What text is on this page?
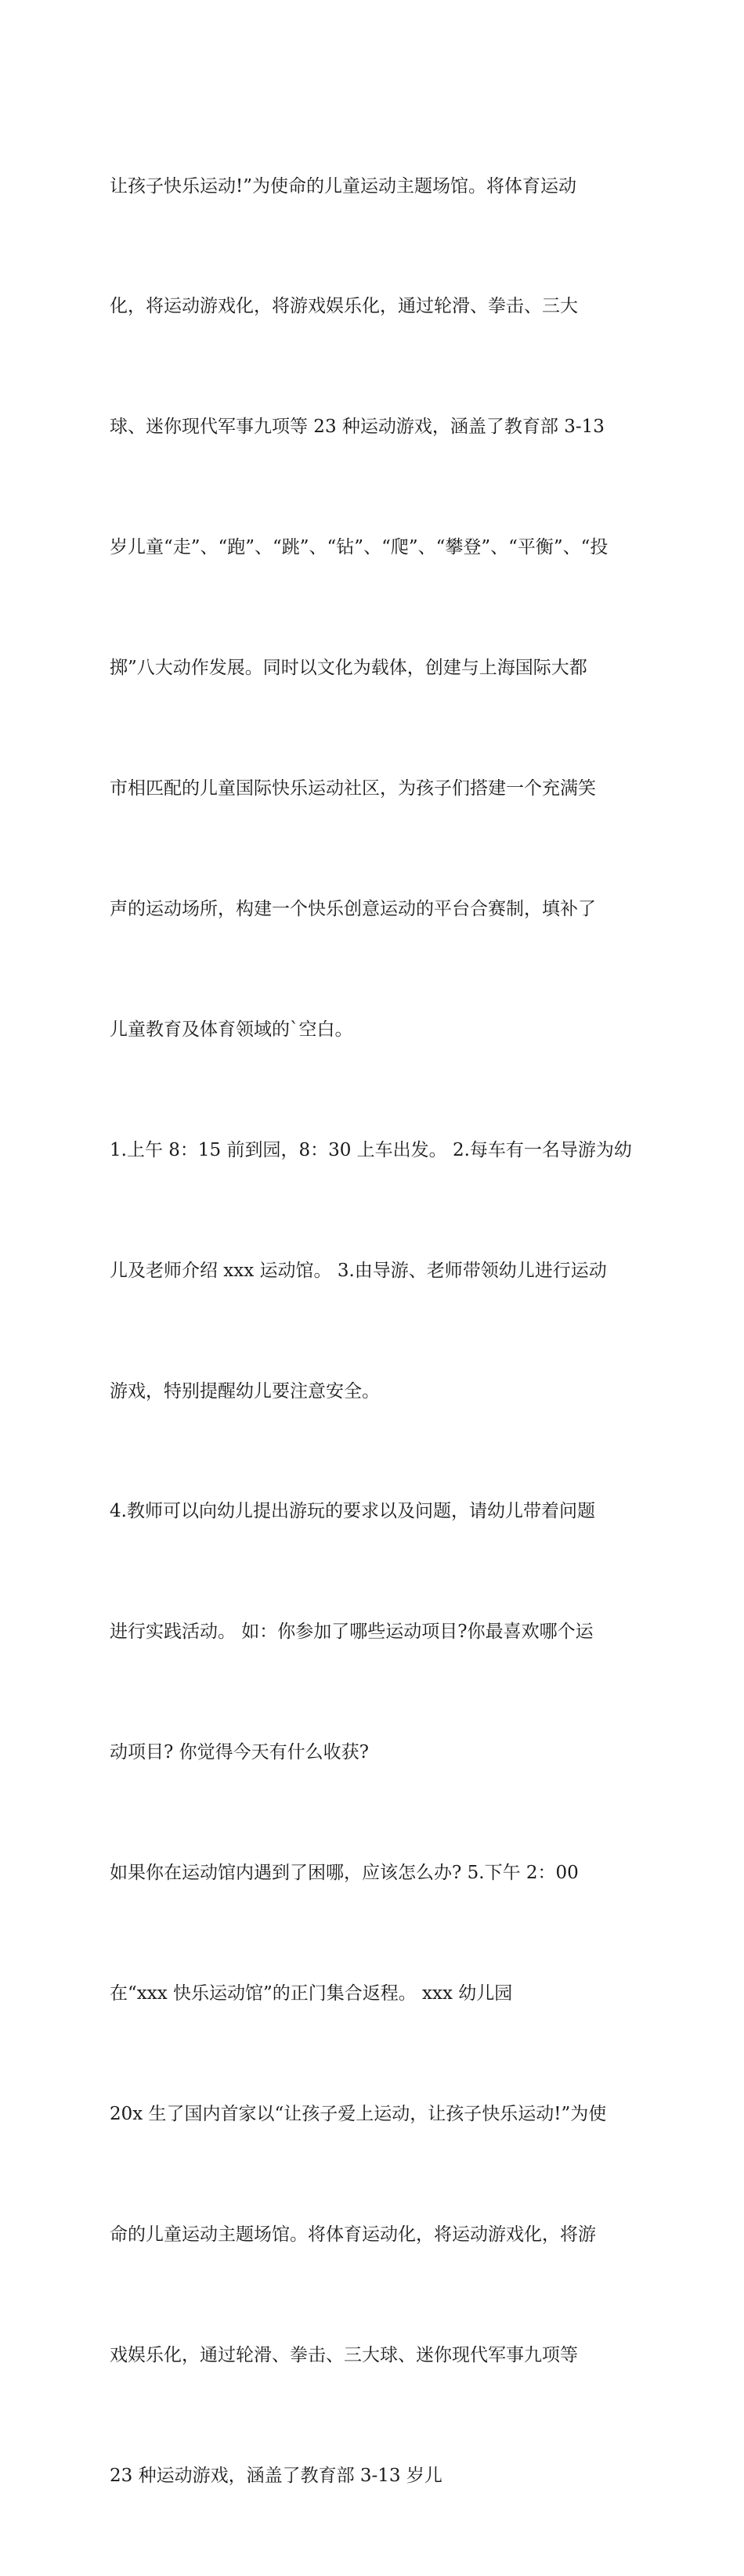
让孩子快乐运动!”为使命的儿童运动主题场馆。将体育运动

化，将运动游戏化，将游戏娱乐化，通过轮滑、拳击、三大

球、迷你现代军事九项等 23 种运动游戏，涵盖了教育部 3-13

岁儿童“走”、“跑”、“跳”、“钻”、“爬”、“攀登”、“平衡”、“投

掷”八大动作发展。同时以文化为载体，创建与上海国际大都

市相匹配的儿童国际快乐运动社区，为孩子们搭建一个充满笑

声的运动场所，构建一个快乐创意运动的平台合赛制，填补了

儿童教育及体育领域的`空白。

1.上午 8：15 前到园，8：30 上车出发。 2.每车有一名导游为幼

儿及老师介绍 xxx 运动馆。 3.由导游、老师带领幼儿进行运动

游戏，特别提醒幼儿要注意安全。

4.教师可以向幼儿提出游玩的要求以及问题，请幼儿带着问题

进行实践活动。 如：你参加了哪些运动项目?你最喜欢哪个运

动项目? 你觉得今天有什么收获?

如果你在运动馆内遇到了困哪，应该怎么办? 5.下午 2：00

在“xxx 快乐运动馆”的正门集合返程。 xxx 幼儿园

20x 生了国内首家以“让孩子爱上运动，让孩子快乐运动!”为使

命的儿童运动主题场馆。将体育运动化，将运动游戏化，将游

戏娱乐化，通过轮滑、拳击、三大球、迷你现代军事九项等

23 种运动游戏，涵盖了教育部 3-13 岁儿
